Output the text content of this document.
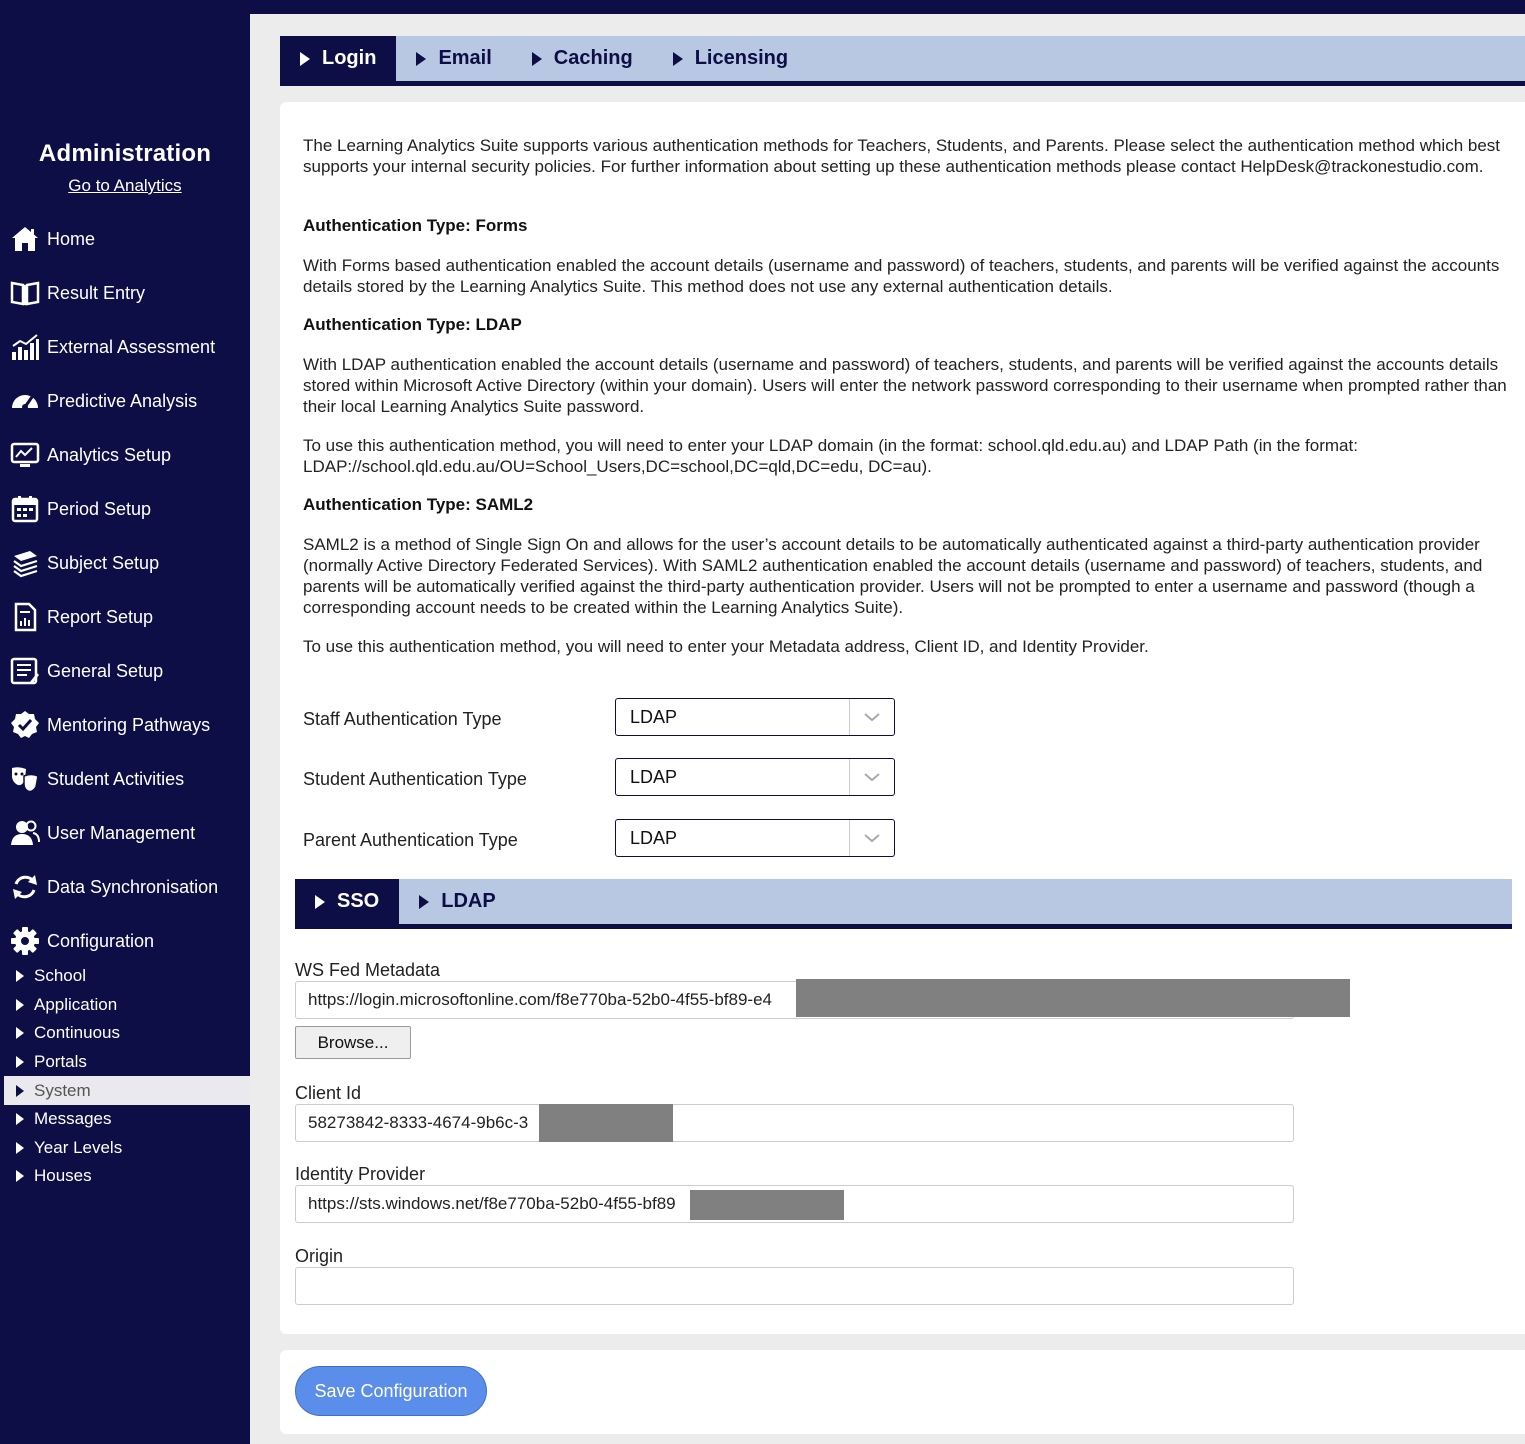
Administration
Go to Analytics
Home
Result Entry
External Assessment
Predictive Analysis
Analytics Setup
Period Setup
Subject Setup
Report Setup
General Setup
Mentoring Pathways
Student Activities
User Management
Data Synchronisation
Configuration
School
Application
Continuous
Portals
System
Messages
Year Levels
Houses
Login	Email	Caching	Licensing
The Learning Analytics Suite supports various authentication methods for Teachers, Students, and Parents. Please select the authentication method which best supports your internal security policies. For further information about setting up these authentication methods please contact HelpDesk@trackonestudio.com.
Authentication Type: Forms
With Forms based authentication enabled the account details (username and password) of teachers, students, and parents will be verified against the accounts details stored by the Learning Analytics Suite. This method does not use any external authentication details.
Authentication Type: LDAP
With LDAP authentication enabled the account details (username and password) of teachers, students, and parents will be verified against the accounts details stored within Microsoft Active Directory (within your domain). Users will enter the network password corresponding to their username when prompted rather than their local Learning Analytics Suite password.
To use this authentication method, you will need to enter your LDAP domain (in the format: school.qld.edu.au) and LDAP Path (in the format: LDAP://school.qld.edu.au/OU=School_Users,DC=school,DC=qld,DC=edu, DC=au).
Authentication Type: SAML2
SAML2 is a method of Single Sign On and allows for the user’s account details to be automatically authenticated against a third-party authentication provider (normally Active Directory Federated Services). With SAML2 authentication enabled the account details (username and password) of teachers, students, and parents will be automatically verified against the third-party authentication provider. Users will not be prompted to enter a username and password (though a corresponding account needs to be created within the Learning Analytics Suite).
To use this authentication method, you will need to enter your Metadata address, Client ID, and Identity Provider.
Staff Authentication Type	LDAP
Student Authentication Type	LDAP
Parent Authentication Type	LDAP
SSO	LDAP
WS Fed Metadata
https://login.microsoftonline.com/f8e770ba-52b0-4f55-bf89-e4
Browse...
Client Id
58273842-8333-4674-9b6c-3
Identity Provider
https://sts.windows.net/f8e770ba-52b0-4f55-bf89
Origin
Save Configuration
